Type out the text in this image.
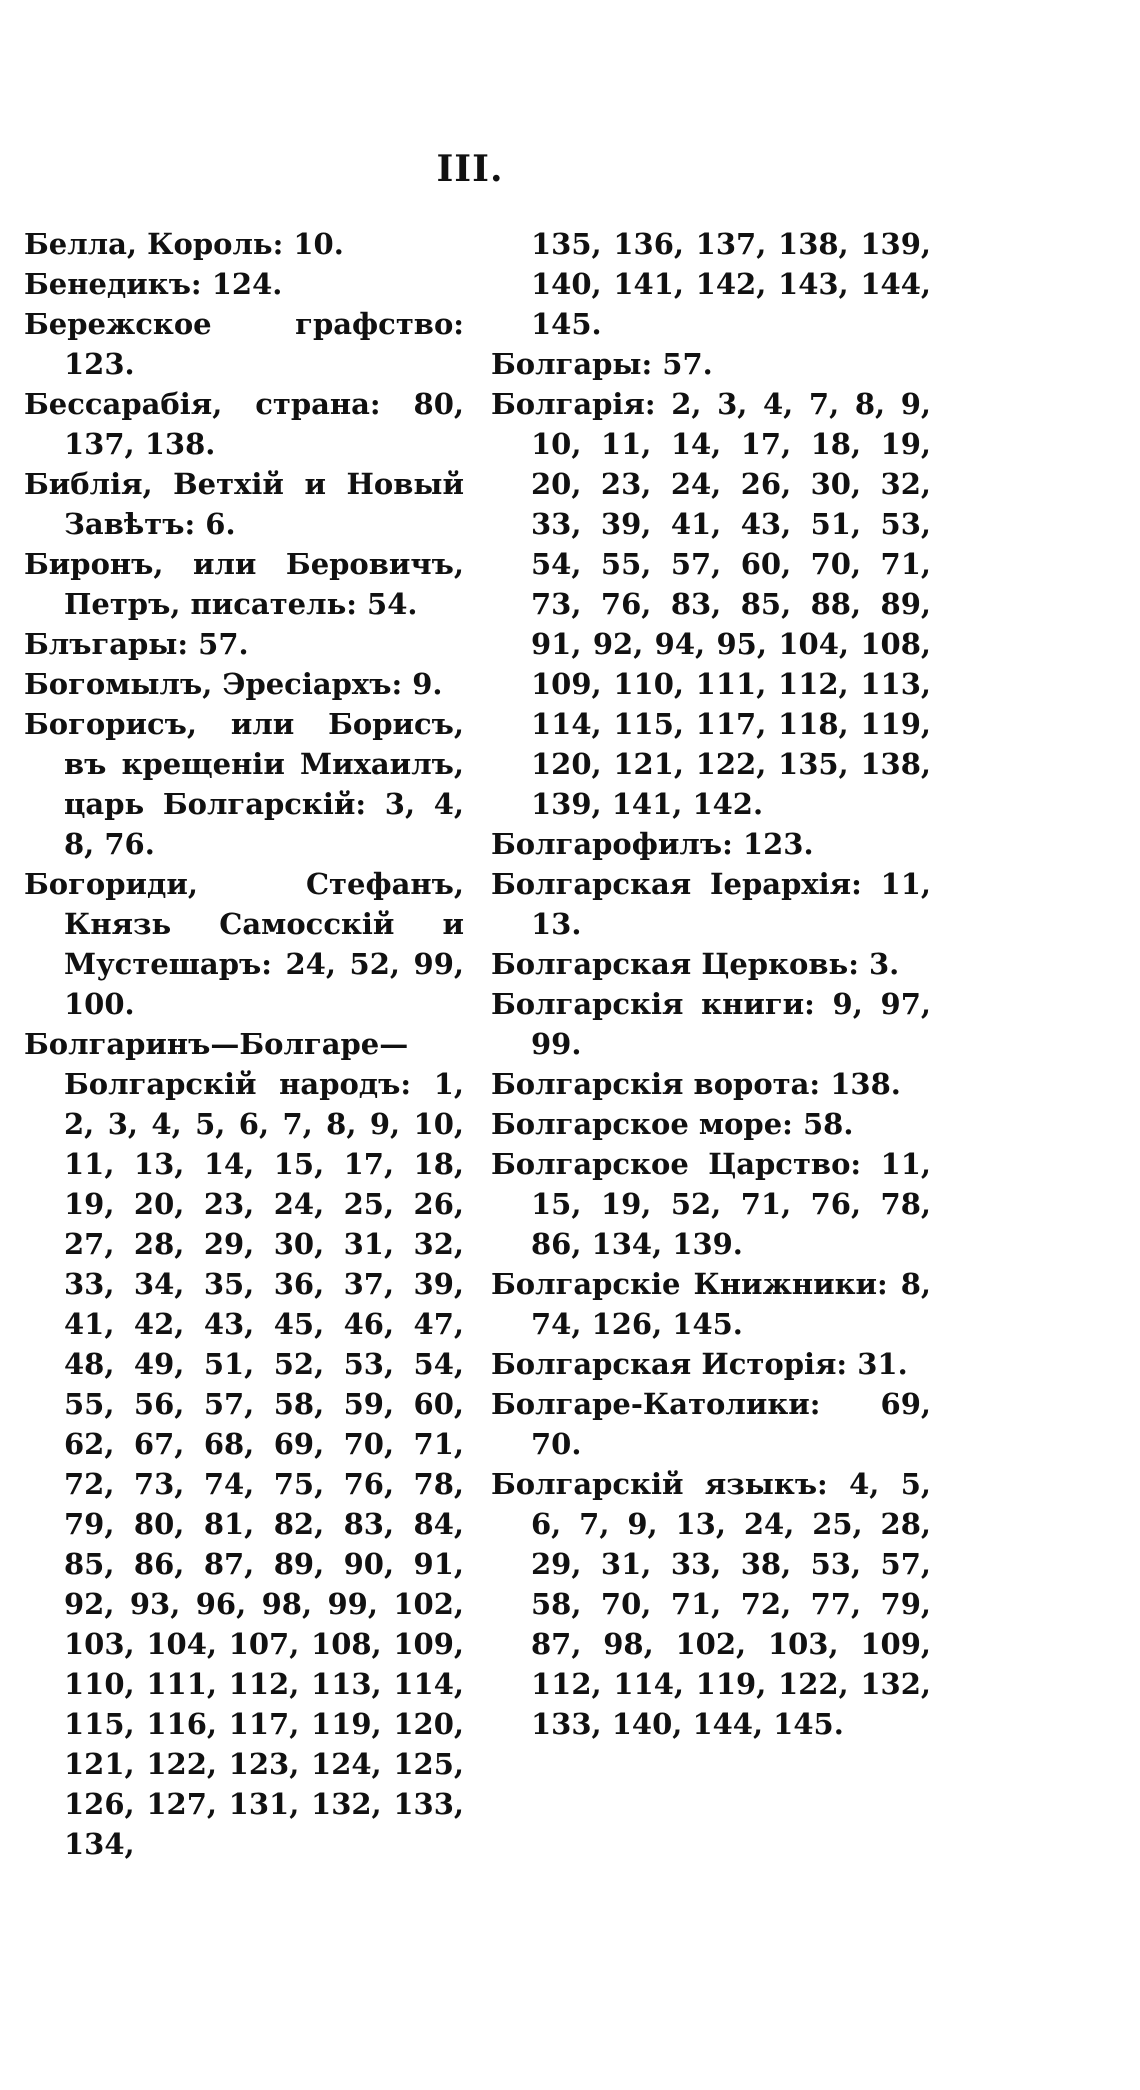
III.
Белла, Король: 10.
Бенедикъ: 124.
Бережское графство: 123.
Бессарабія, страна: 80, 137, 138.
Библія, Ветхій и Новый Завѣтъ: 6.
Биронъ, или Беровичъ, Петръ, писатель: 54.
Блъгары: 57.
Богомылъ, Эресіархъ: 9.
Богорисъ, или Борисъ, въ крещеніи Михаилъ, царь Болгарскій: 3, 4, 8, 76.
Богориди, Стефанъ, Князь Самосскій и Мустешаръ: 24, 52, 99, 100.
Болгаринъ—Болгаре—Болгарскій народъ: 1, 2, 3, 4, 5, 6, 7, 8, 9, 10, 11, 13, 14, 15, 17, 18, 19, 20, 23, 24, 25, 26, 27, 28, 29, 30, 31, 32, 33, 34, 35, 36, 37, 39, 41, 42, 43, 45, 46, 47, 48, 49, 51, 52, 53, 54, 55, 56, 57, 58, 59, 60, 62, 67, 68, 69, 70, 71, 72, 73, 74, 75, 76, 78, 79, 80, 81, 82, 83, 84, 85, 86, 87, 89, 90, 91, 92, 93, 96, 98, 99, 102, 103, 104, 107, 108, 109, 110, 111, 112, 113, 114, 115, 116, 117, 119, 120, 121, 122, 123, 124, 125, 126, 127, 131, 132, 133, 134,
135, 136, 137, 138, 139, 140, 141, 142, 143, 144, 145.
Болгары: 57.
Болгарія: 2, 3, 4, 7, 8, 9, 10, 11, 14, 17, 18, 19, 20, 23, 24, 26, 30, 32, 33, 39, 41, 43, 51, 53, 54, 55, 57, 60, 70, 71, 73, 76, 83, 85, 88, 89, 91, 92, 94, 95, 104, 108, 109, 110, 111, 112, 113, 114, 115, 117, 118, 119, 120, 121, 122, 135, 138, 139, 141, 142.
Болгарофилъ: 123.
Болгарская Іерархія: 11, 13.
Болгарская Церковь: 3.
Болгарскія книги: 9, 97, 99.
Болгарскія ворота: 138.
Болгарское море: 58.
Болгарское Царство: 11, 15, 19, 52, 71, 76, 78, 86, 134, 139.
Болгарскіе Книжники: 8, 74, 126, 145.
Болгарская Исторія: 31.
Болгаре-Католики: 69, 70.
Болгарскій языкъ: 4, 5, 6, 7, 9, 13, 24, 25, 28, 29, 31, 33, 38, 53, 57, 58, 70, 71, 72, 77, 79, 87, 98, 102, 103, 109, 112, 114, 119, 122, 132, 133, 140, 144, 145.
